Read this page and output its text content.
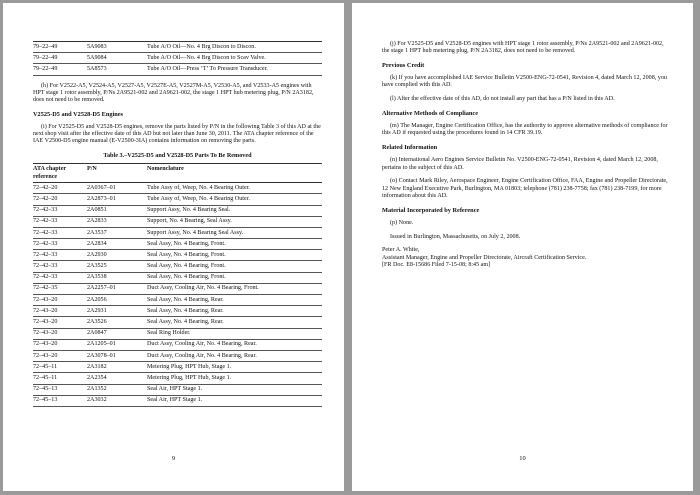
79–22–49	5A9083	Tube A/O Oil—No. 4 Brg Discon to Discon.
79–22–49	5A9084	Tube A/O Oil—No. 4 Brg Discon to Scav Valve.
79–22–49	5A8573	Tube A/O Oil—Press ‘T’ To Pressure Transducer.

(h) For V2522-A5, V2524-A5, V2527-A5, V2527E-A5, V2527M-A5, V2530-A5, and V2533-A5 engines with HPT stage 1 rotor assembly, P/Ns 2A9521-002 and 2A9621-002, the stage 1 HPT hub metering plug, P/N 2A3182, does not need to be removed.

V2525-D5 and V2528-D5 Engines

(i) For V2525-D5 and V2528-D5 engines, remove the parts listed by P/N in the following Table 3 of this AD at the next shop visit after the effective date of this AD but not later than June 30, 2011. The ATA chapter reference of the IAE V2500-D5 engine manual (E-V2500-3IA) contains information on removing the parts.

Table 3.–V2525-D5 and V2528-D5 Parts To Be Removed
ATA chapter reference	P/N	Nomenclature
72–42–20	2A0367–01	Tube Assy of, Weep, No. 4 Bearing Outer.
72–42–20	2A2873–01	Tube Assy of, Weep, No. 4 Bearing Outer.
72–42–33	2A0851	Support Assy, No. 4 Bearing Seal.
72–42–33	2A2833	Support, No. 4 Bearing, Seal Assy.
72–42–33	2A3537	Support Assy, No. 4 Bearing Seal Assy.
72–42–33	2A2834	Seal Assy, No. 4 Bearing, Front.
72–42–33	2A2930	Seal Assy, No. 4 Bearing, Front.
72–42–33	2A3525	Seal Assy, No. 4 Bearing, Front.
72–42–33	2A3538	Seal Assy, No. 4 Bearing, Front.
72–42–35	2A2257–01	Duct Assy, Cooling Air, No. 4 Bearing, Front.
72–43–20	2A2056	Seal Assy, No. 4 Bearing, Rear.
72–43–20	2A2931	Seal Assy, No. 4 Bearing, Rear.
72–43–20	2A3526	Seal Assy, No. 4 Bearing, Rear.
72–43–20	2A0847	Seal Ring Holder.
72–43–20	2A1205–01	Duct Assy, Cooling Air, No. 4 Bearing, Rear.
72–43–20	2A3078–01	Duct Assy, Cooling Air, No. 4 Bearing, Rear.
72–45–11	2A3182	Metering Plug, HPT Hub, Stage 1.
72–45–11	2A2354	Metering Plug, HPT Hub, Stage 1.
72–45–13	2A1352	Seal Air, HPT Stage 1.
72–45–13	2A3032	Seal Air, HPT Stage 1.
9

(j) For V2525-D5 and V2528-D5 engines with HPT stage 1 rotor assembly, P/Ns 2A9521-002 and 2A9621-002, the stage 1 HPT hub metering plug, P/N 2A3182, does not need to be removed.

Previous Credit

(k) If you have accomplished IAE Service Bulletin V2500-ENG-72-0541, Revision 4, dated March 12, 2008, you have complied with this AD.

(l) After the effective date of this AD, do not install any part that has a P/N listed in this AD.

Alternative Methods of Compliance

(m) The Manager, Engine Certification Office, has the authority to approve alternative methods of compliance for this AD if requested using the procedures found in 14 CFR 39.19.

Related Information

(n) International Aero Engines Service Bulletin No. V2500-ENG-72-0541, Revision 4, dated March 12, 2008, pertains to the subject of this AD.

(o) Contact Mark Riley, Aerospace Engineer, Engine Certification Office, FAA, Engine and Propeller Directorate, 12 New England Executive Park, Burlington, MA 01803; telephone (781) 238-7758; fax (781) 238-7199, for more information about this AD.

Material Incorporated by Reference

(p) None.

Issued in Burlington, Massachusetts, on July 2, 2008.

Peter A. White,

Assistant Manager, Engine and Propeller Directorate, Aircraft Certification Service.

[FR Doc. E8-15686 Filed 7-15-08; 8:45 am]

10
